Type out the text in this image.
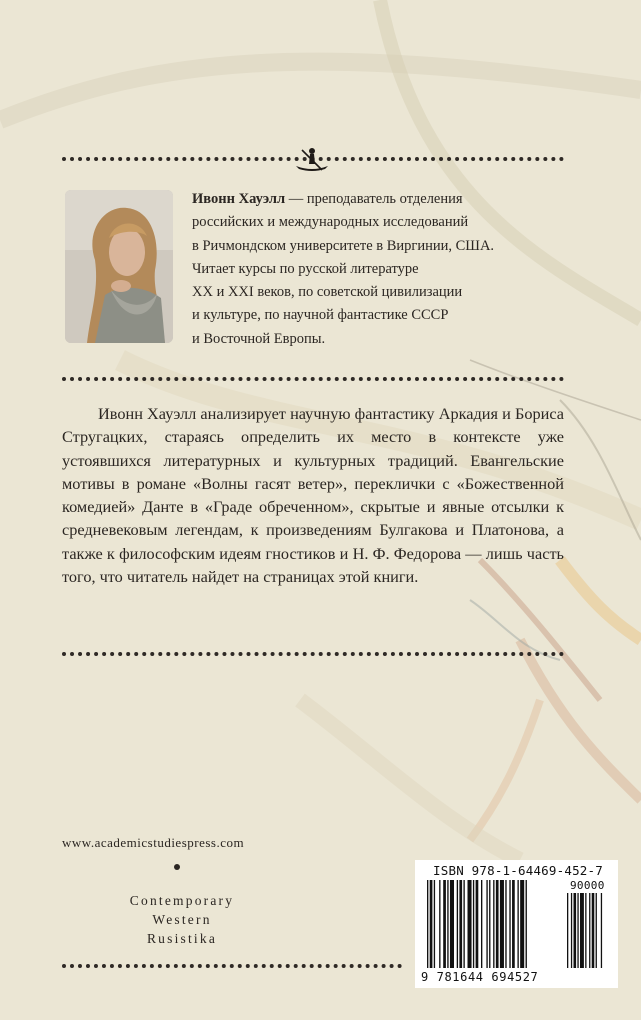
Ивонн Хауэлл — преподаватель отделения
российских и международных исследований
в Ричмондском университете в Виргинии, США.
Читает курсы по русской литературе
XX и XXI веков, по советской цивилизации
и культуре, по научной фантастике СССР
и Восточной Европы.

Ивонн Хауэлл анализирует научную фантастику Аркадия и Бориса Стругацких, стараясь определить их место в контексте уже устоявшихся литературных и культурных традиций. Евангельские мотивы в романе «Волны гасят ветер», переклички с «Божественной комедией» Данте в «Граде обреченном», скрытые и явные отсылки к средневековым легендам, к произведениям Булгакова и Платонова, а также к философским идеям гностиков и Н. Ф. Федорова — лишь часть того, что читатель найдет на страницах этой книги.

www.academicstudiespress.com
Contemporary
Western
Rusistika
ISBN 978-1-64469-452-7
90000
9 781644 694527
